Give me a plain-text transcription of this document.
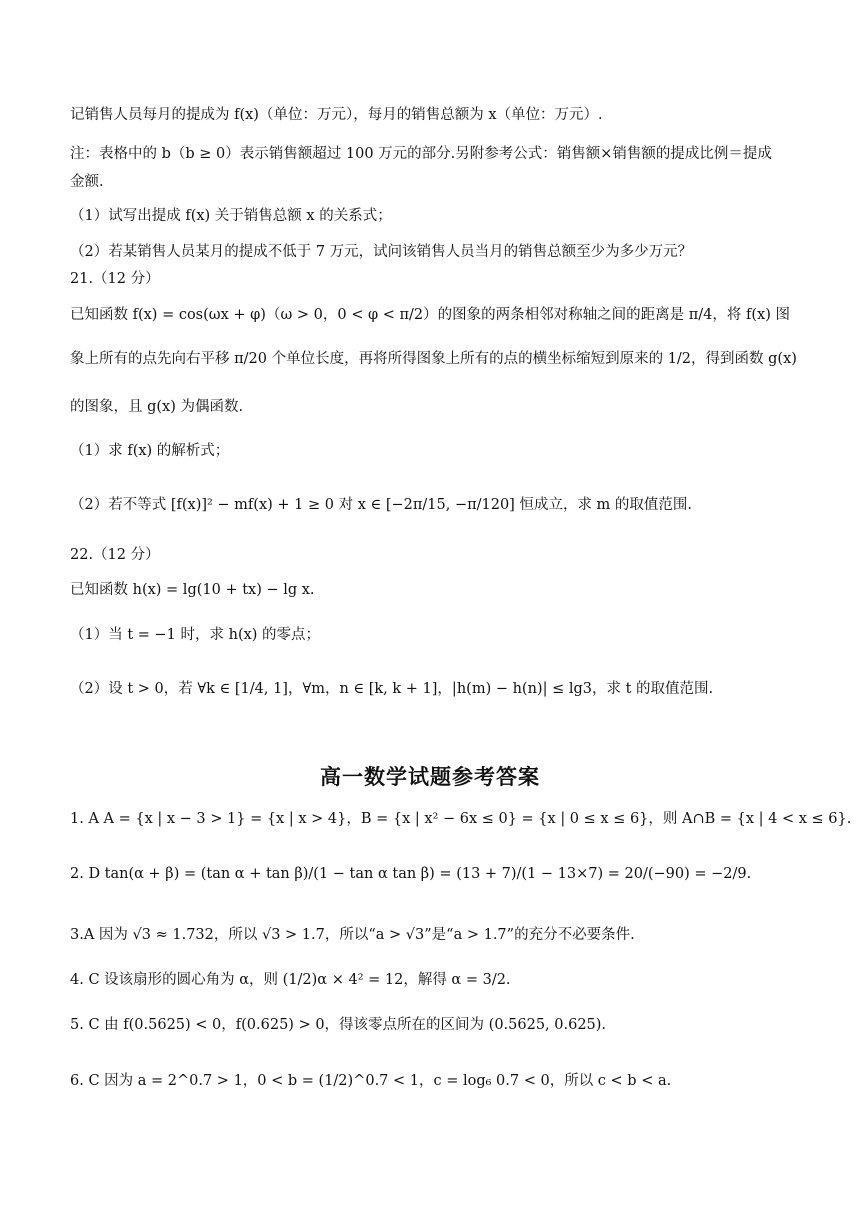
记销售人员每月的提成为 f(x)（单位：万元），每月的销售总额为 x（单位：万元）.
注：表格中的 b（b ≥ 0）表示销售额超过 100 万元的部分.另附参考公式：销售额×销售额的提成比例＝提成
金额.
（1）试写出提成 f(x) 关于销售总额 x 的关系式；
（2）若某销售人员某月的提成不低于 7 万元，试问该销售人员当月的销售总额至少为多少万元？
21.（12 分）
已知函数 f(x) = cos(ωx + φ)（ω > 0，0 < φ < π/2）的图象的两条相邻对称轴之间的距离是 π/4，将 f(x) 图
象上所有的点先向右平移 π/20 个单位长度，再将所得图象上所有的点的横坐标缩短到原来的 1/2，得到函数 g(x)
的图象，且 g(x) 为偶函数.
（1）求 f(x) 的解析式；
（2）若不等式 [f(x)]² − mf(x) + 1 ≥ 0 对 x ∈ [−2π/15, −π/120] 恒成立，求 m 的取值范围.
22.（12 分）
已知函数 h(x) = lg(10 + tx) − lg x.
（1）当 t = −1 时，求 h(x) 的零点；
（2）设 t > 0，若 ∀k ∈ [1/4, 1]，∀m，n ∈ [k, k + 1]，|h(m) − h(n)| ≤ lg3，求 t 的取值范围.
高一数学试题参考答案
1. A A = {x | x − 3 > 1} = {x | x > 4}，B = {x | x² − 6x ≤ 0} = {x | 0 ≤ x ≤ 6}，则 A∩B = {x | 4 < x ≤ 6}.
2. D tan(α + β) = (tan α + tan β)/(1 − tan α tan β) = (13 + 7)/(1 − 13×7) = 20/(−90) = −2/9.
3.A 因为 √3 ≈ 1.732，所以 √3 > 1.7，所以“a > √3”是“a > 1.7”的充分不必要条件.
4. C 设该扇形的圆心角为 α，则 (1/2)α × 4² = 12，解得 α = 3/2.
5. C 由 f(0.5625) < 0，f(0.625) > 0，得该零点所在的区间为 (0.5625, 0.625).
6. C 因为 a = 2^0.7 > 1，0 < b = (1/2)^0.7 < 1，c = log₆ 0.7 < 0，所以 c < b < a.
